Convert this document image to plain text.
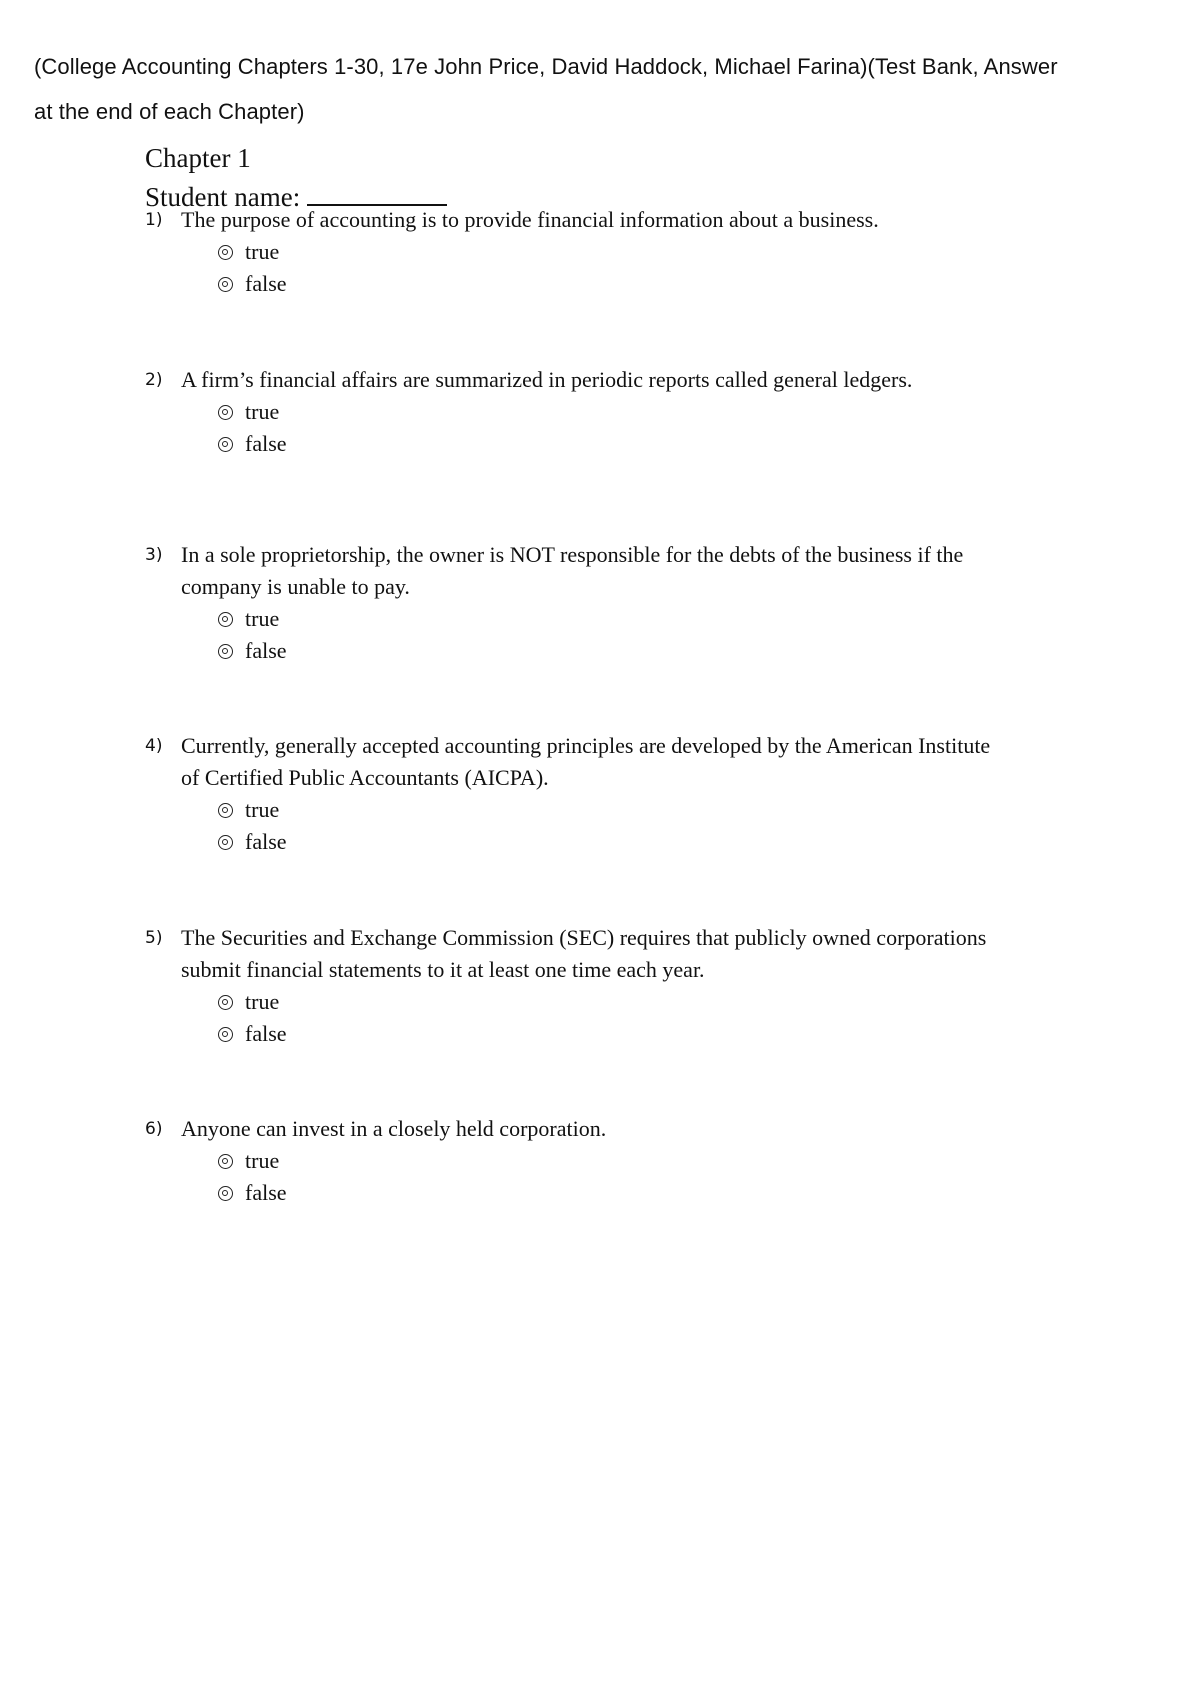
(College Accounting Chapters 1-30, 17e John Price, David Haddock, Michael Farina)(Test Bank, Answer
at the end of each Chapter)
Chapter 1
Student name:
1) The purpose of accounting is to provide financial information about a business.
true
false
2) A firm’s financial affairs are summarized in periodic reports called general ledgers.
true
false
3) In a sole proprietorship, the owner is NOT responsible for the debts of the business if the
company is unable to pay.
true
false
4) Currently, generally accepted accounting principles are developed by the American Institute
of Certified Public Accountants (AICPA).
true
false
5) The Securities and Exchange Commission (SEC) requires that publicly owned corporations
submit financial statements to it at least one time each year.
true
false
6) Anyone can invest in a closely held corporation.
true
false
